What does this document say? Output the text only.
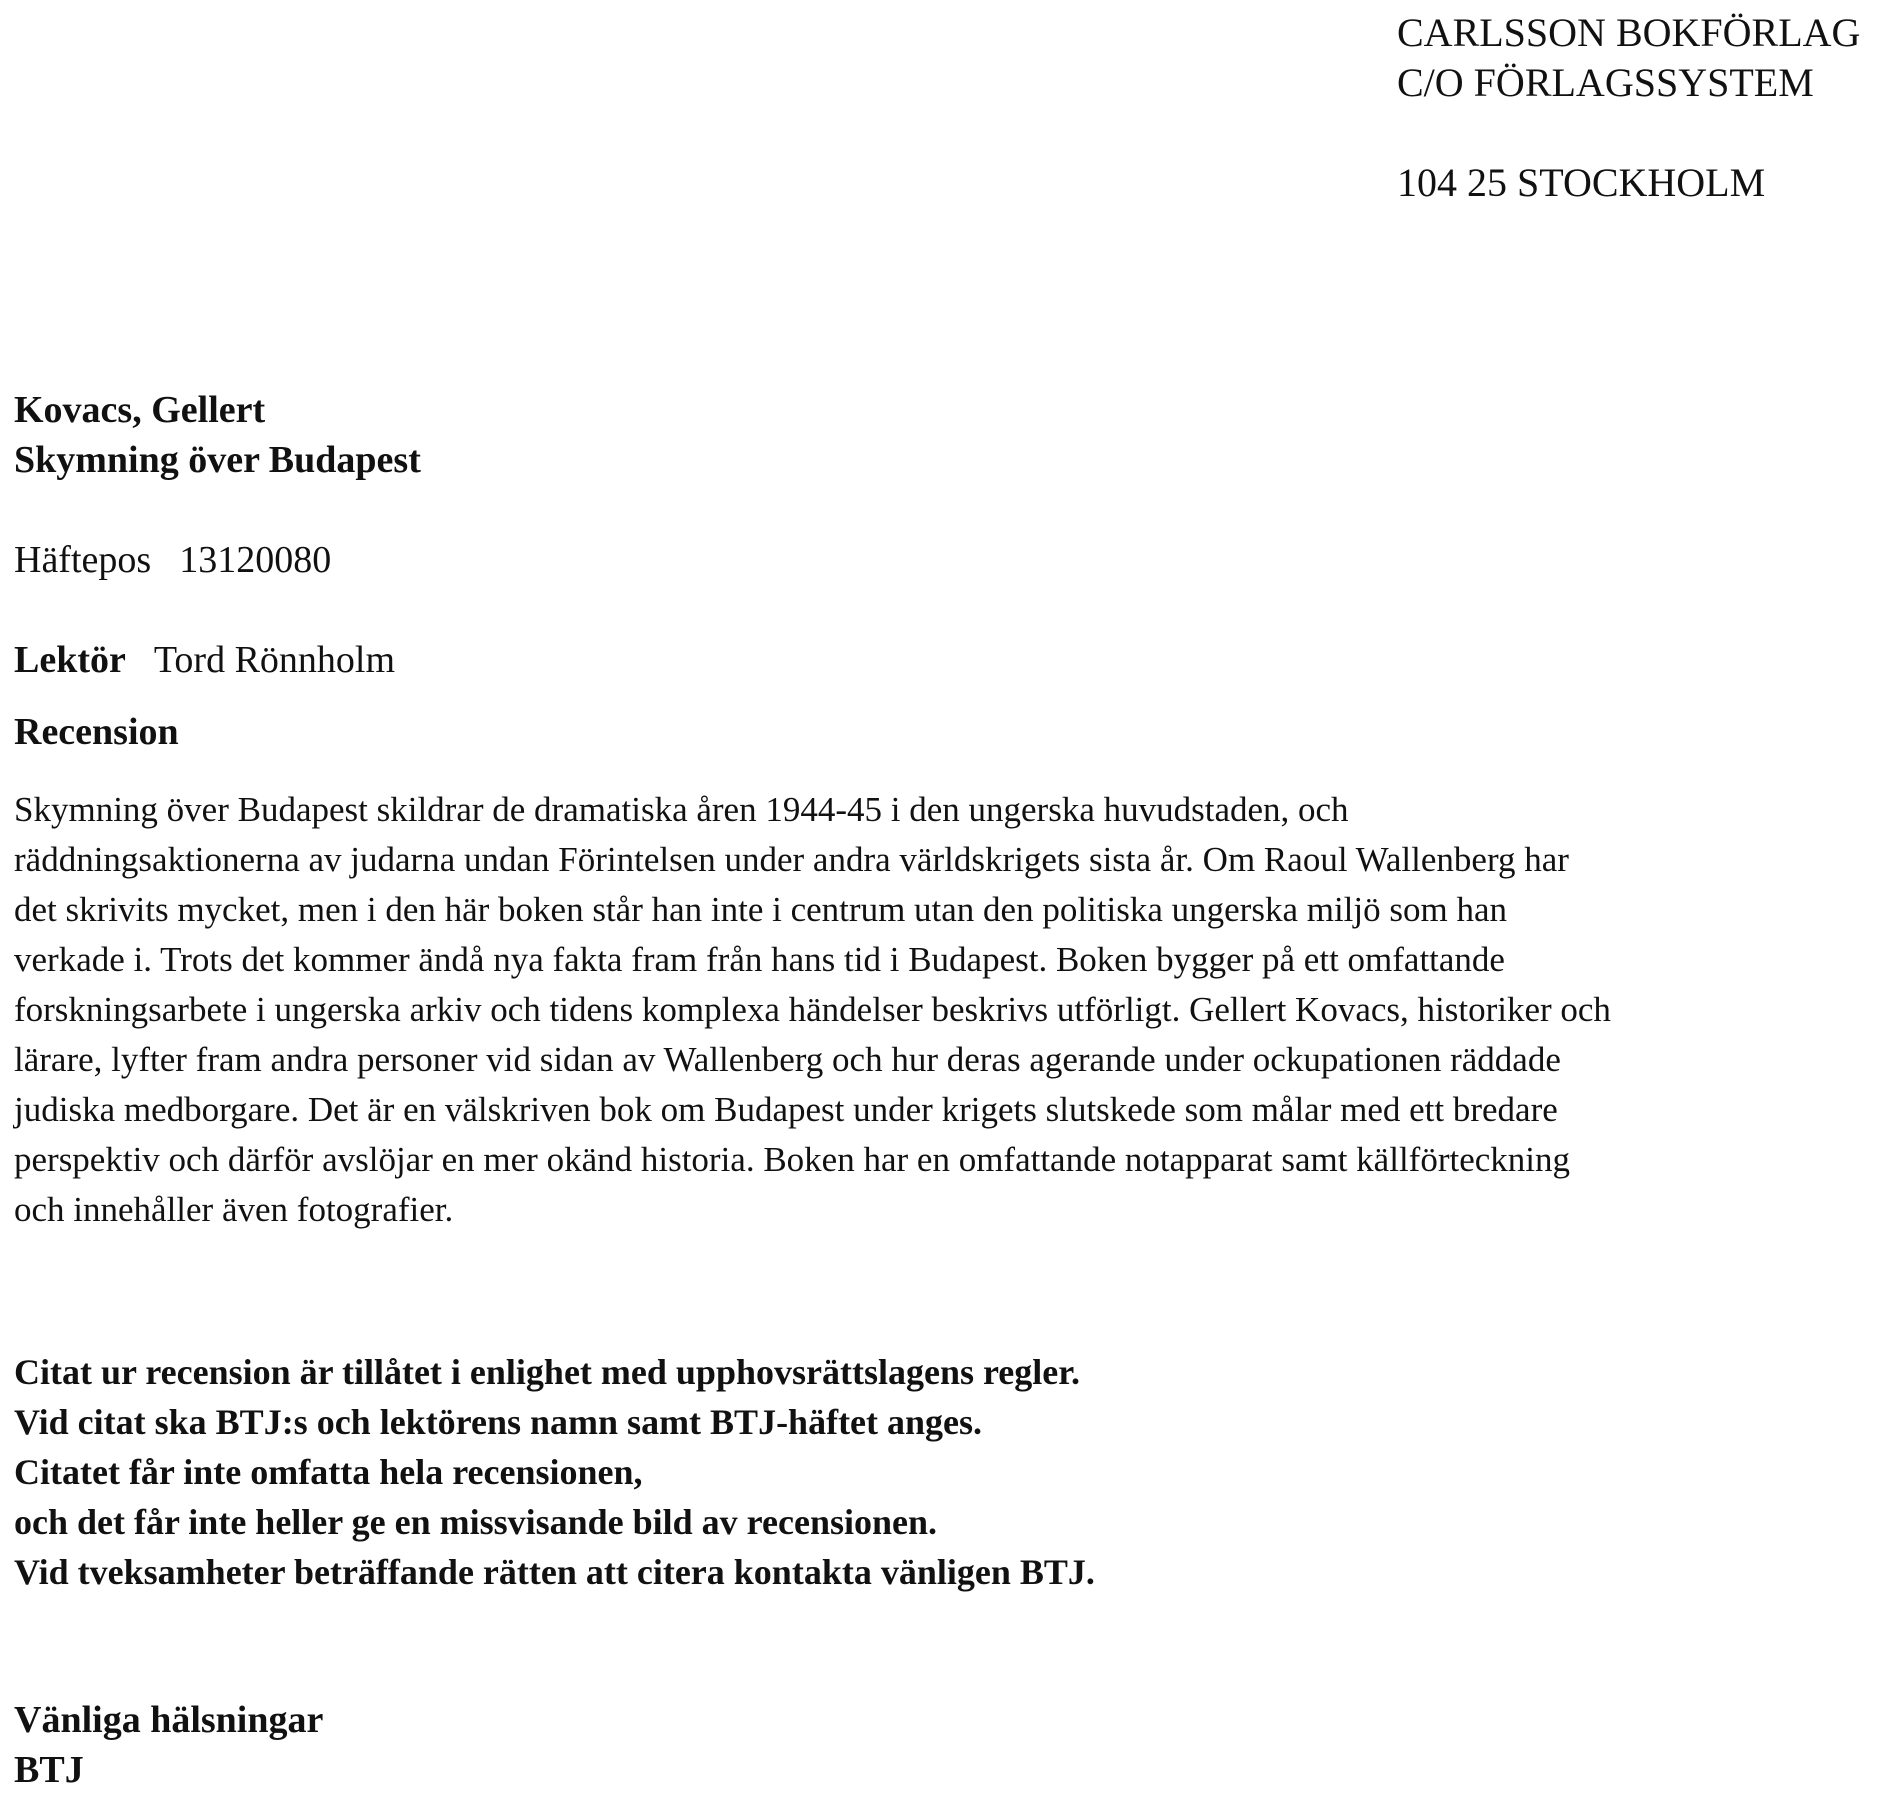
CARLSSON BOKFÖRLAG
C/O FÖRLAGSSYSTEM
104 25 STOCKHOLM
Kovacs, Gellert
Skymning över Budapest
Häftepos 13120080
Lektör Tord Rönnholm
Recension
Skymning över Budapest skildrar de dramatiska åren 1944-45 i den ungerska huvudstaden, och
räddningsaktionerna av judarna undan Förintelsen under andra världskrigets sista år. Om Raoul Wallenberg har
det skrivits mycket, men i den här boken står han inte i centrum utan den politiska ungerska miljö som han
verkade i. Trots det kommer ändå nya fakta fram från hans tid i Budapest. Boken bygger på ett omfattande
forskningsarbete i ungerska arkiv och tidens komplexa händelser beskrivs utförligt. Gellert Kovacs, historiker och
lärare, lyfter fram andra personer vid sidan av Wallenberg och hur deras agerande under ockupationen räddade
judiska medborgare. Det är en välskriven bok om Budapest under krigets slutskede som målar med ett bredare
perspektiv och därför avslöjar en mer okänd historia. Boken har en omfattande notapparat samt källförteckning
och innehåller även fotografier.
Citat ur recension är tillåtet i enlighet med upphovsrättslagens regler.
Vid citat ska BTJ:s och lektörens namn samt BTJ-häftet anges.
Citatet får inte omfatta hela recensionen,
och det får inte heller ge en missvisande bild av recensionen.
Vid tveksamheter beträffande rätten att citera kontakta vänligen BTJ.
Vänliga hälsningar
BTJ
